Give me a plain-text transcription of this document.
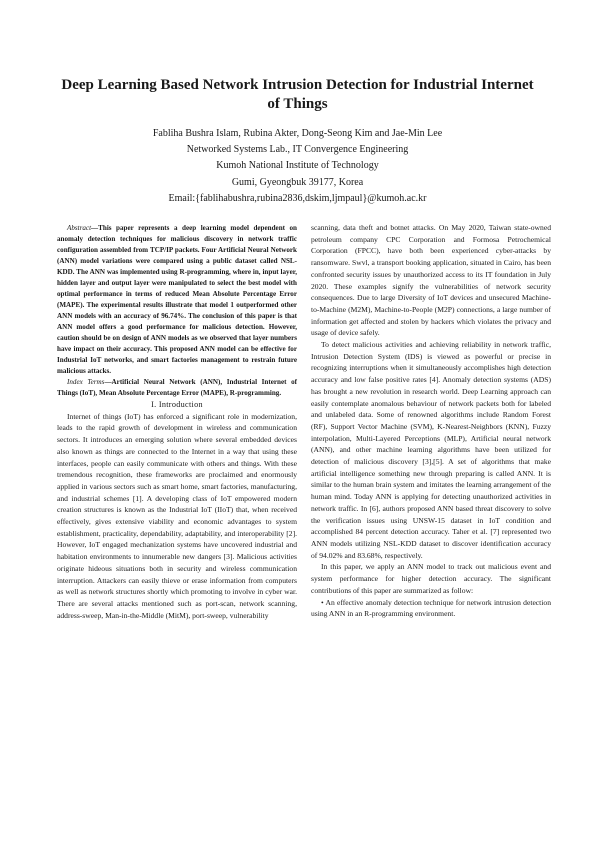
Deep Learning Based Network Intrusion Detection for Industrial Internet of Things
Fabliha Bushra Islam, Rubina Akter, Dong-Seong Kim and Jae-Min Lee
Networked Systems Lab., IT Convergence Engineering
Kumoh National Institute of Technology
Gumi, Gyeongbuk 39177, Korea
Email:{fablihabushra,rubina2836,dskim,ljmpaul}@kumoh.ac.kr

Abstract—This paper represents a deep learning model dependent on anomaly detection techniques for malicious discovery in network traffic configuration assembled from TCP/IP packets. Four Artificial Neural Network (ANN) model variations were compared using a public dataset called NSL-KDD. The ANN was implemented using R-programming, where in, input layer, hidden layer and output layer were manipulated to select the best model with optimal performance in terms of reduced Mean Absolute Percentage Error (MAPE). The experimental results illustrate that model 1 outperformed other ANN models with an accuracy of 96.74%. The conclusion of this paper is that ANN model offers a good performance for malicious detection. However, caution should be on design of ANN models as we observed that layer numbers have impact on their accuracy. This proposed ANN model can be effective for Industrial IoT networks, and smart factories management to restrain future malicious attacks.

Index Terms—Artificial Neural Network (ANN), Industrial Internet of Things (IoT), Mean Absolute Percentage Error (MAPE), R-programming.

I. Introduction

Internet of things (IoT) has enforced a significant role in modernization, leads to the rapid growth of development in wireless and communication sectors. It introduces an emerging solution where several embedded devices also known as things are connected to the Internet in a way that using these interfaces, people can easily communicate with others and things. With these tremendous recognition, these frameworks are proclaimed and enormously applied in various sectors such as smart home, smart factories, manufacturing, and industrial schemes [1]. A developing class of IoT empowered modern creation structures is known as the Industrial IoT (IIoT) that, when received effectively, gives extensive viability and economic advantages to system establishment, practicality, dependability, adaptability, and interoperability [2]. However, IoT engaged mechanization systems have uncovered industrial and habitation environments to innumerable new dangers [3]. Malicious activities originate hideous situations both in security and wireless communication interruption. Attackers can easily thieve or erase information from computers as well as network structures shortly which promoting to involve in cyber war. There are several attacks mentioned such as port-scan, network scanning, address-sweep, Man-in-the-Middle (MitM), port-sweep, vulnerability

scanning, data theft and botnet attacks. On May 2020, Taiwan state-owned petroleum company CPC Corporation and Formosa Petrochemical Corporation (FPCC), have both been experienced cyber-attacks by ransomware. Swvl, a transport booking application, situated in Cairo, has been confronted security issues by unauthorized access to its IT foundation in July 2020. These examples signify the vulnerabilities of network security consequences. Due to large Diversity of IoT devices and unsecured Machine-to-Machine (M2M), Machine-to-People (M2P) connections, a large number of information get affected and stolen by hackers which violates the privacy and usage of device safely.

To detect malicious activities and achieving reliability in network traffic, Intrusion Detection System (IDS) is viewed as powerful or precise in recognizing interruptions when it simultaneously accomplishes high detection accuracy and low false positive rates [4]. Anomaly detection systems (ADS) has brought a new revolution in research world. Deep Learning approach can easily contemplate anomalous behaviour of network packets both for labeled and unlabeled data. Some of renowned algorithms include Random Forest (RF), Support Vector Machine (SVM), K-Nearest-Neighbors (KNN), Fuzzy interpolation, Multi-Layered Perceptions (MLP), Artificial neural network (ANN), and other machine learning algorithms have been utilized for detection of malicious discovery [3],[5]. A set of algorithms that make artificial intelligence something new through preparing is called ANN. It is similar to the human brain system and imitates the learning arrangement of the human mind. Today ANN is applying for detecting unauthorized activities in network traffic. In [6], authors proposed ANN based threat discovery to solve the verification issues using UNSW-15 dataset in IoT condition and accomplished 84 percent detection accuracy. Taher et al. [7] represented two ANN models utilizing NSL-KDD dataset to discover identification accuracy of 94.02% and 83.68%, respectively.

In this paper, we apply an ANN model to track out malicious event and system performance for higher detection accuracy. The significant contributions of this paper are summarized as follow:

• An effective anomaly detection technique for network intrusion detection using ANN in an R-programming environment.
